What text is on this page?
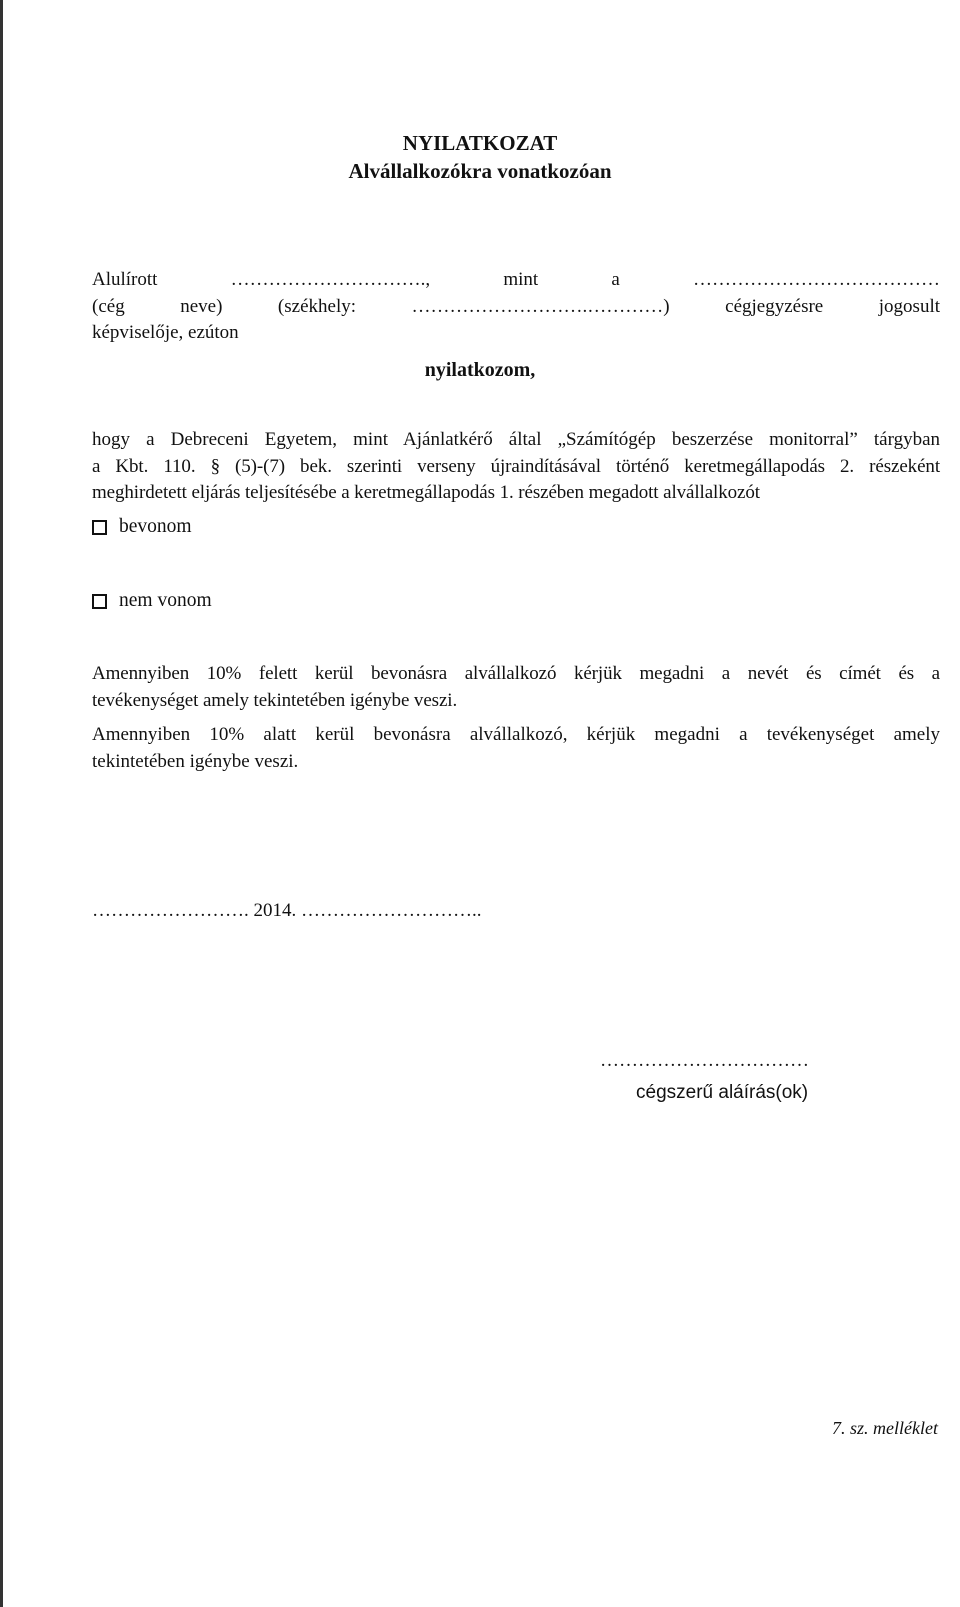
NYILATKOZAT
Alvállalkozókra vonatkozóan
Alulírott …………………………., mint a …………………………………
(cég neve) (székhely: ……………………….…………) cégjegyzésre jogosult
képviselője, ezúton
nyilatkozom,
hogy a Debreceni Egyetem, mint Ajánlatkérő által „Számítógép beszerzése monitorral” tárgyban
a Kbt. 110. § (5)-(7) bek. szerinti verseny újraindításával történő keretmegállapodás 2. részeként
meghirdetett eljárás teljesítésébe a keretmegállapodás 1. részében megadott alvállalkozót
bevonom
nem vonom
Amennyiben 10% felett kerül bevonásra alvállalkozó kérjük megadni a nevét és címét és a
tevékenységet amely tekintetében igénybe veszi.
Amennyiben 10% alatt kerül bevonásra alvállalkozó, kérjük megadni a tevékenységet amely
tekintetében igénybe veszi.
……………………. 2014. ………………………..
……………………………
cégszerű aláírás(ok)
7. sz. melléklet
